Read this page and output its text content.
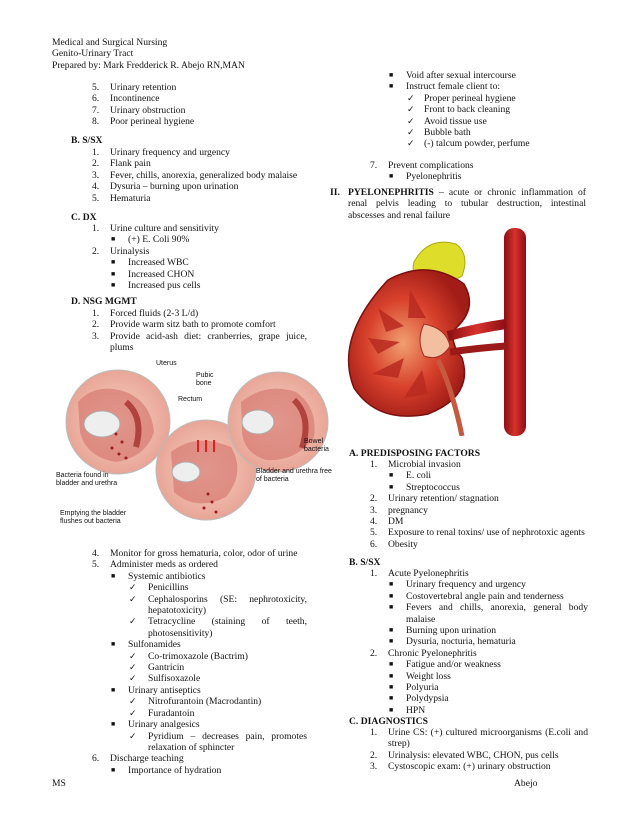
Medical and Surgical Nursing
Genito-Urinary Tract
Prepared by: Mark Fredderick R. Abejo RN,MAN
5. Urinary retention
6. Incontinence
7. Urinary obstruction
8. Poor perineal hygiene
B. S/SX
1. Urinary frequency and urgency
2. Flank pain
3. Fever, chills, anorexia, generalized body malaise
4. Dysuria – burning upon urination
5. Hematuria
C. DX
1. Urine culture and sensitivity
■ (+) E. Coli 90%
2. Urinalysis
■ Increased WBC
■ Increased CHON
■ Increased pus cells
D. NSG MGMT
1. Forced fluids (2-3 L/d)
2. Provide warm sitz bath to promote comfort
3. Provide acid-ash diet: cranberries, grape juice, plums
Uterus
Pubic bone
Rectum
Bowel bacteria
Bacteria found in bladder and urethra
Emptying the bladder flushes out bacteria
Bladder and urethra free of bacteria
4. Monitor for gross hematuria, color, odor of urine
5. Administer meds as ordered
■ Systemic antibiotics
✓ Penicillins
✓ Cephalosporins (SE: nephrotoxicity, hepatotoxicity)
✓ Tetracycline (staining of teeth, photosensitivity)
■ Sulfonamides
✓ Co-trimoxazole (Bactrim)
✓ Gantricin
✓ Sulfisoxazole
■ Urinary antiseptics
✓ Nitrofurantoin (Macrodantin)
✓ Furadantoin
■ Urinary analgesics
✓ Pyridium – decreases pain, promotes relaxation of sphincter
6. Discharge teaching
■ Importance of hydration
■ Void after sexual intercourse
■ Instruct female client to:
✓ Proper perineal hygiene
✓ Front to back cleaning
✓ Avoid tissue use
✓ Bubble bath
✓ (-) talcum powder, perfume
7. Prevent complications
■ Pyelonephritis
II. PYELONEPHRITIS – acute or chronic inflammation of renal pelvis leading to tubular destruction, intestinal abscesses and renal failure
A. PREDISPOSING FACTORS
1. Microbial invasion
■ E. coli
■ Streptococcus
2. Urinary retention/ stagnation
3. pregnancy
4. DM
5. Exposure to renal toxins/ use of nephrotoxic agents
6. Obesity
B. S/SX
1. Acute Pyelonephritis
■ Urinary frequency and urgency
■ Costovertebral angle pain and tenderness
■ Fevers and chills, anorexia, general body malaise
■ Burning upon urination
■ Dysuria, nocturia, hematuria
2. Chronic Pyelonephritis
■ Fatigue and/or weakness
■ Weight loss
■ Polyuria
■ Polydypsia
■ HPN
C. DIAGNOSTICS
1. Urine CS: (+) cultured microorganisms (E.coli and strep)
2. Urinalysis: elevated WBC, CHON, pus cells
3. Cystoscopic exam: (+) urinary obstruction
MS	Abejo
